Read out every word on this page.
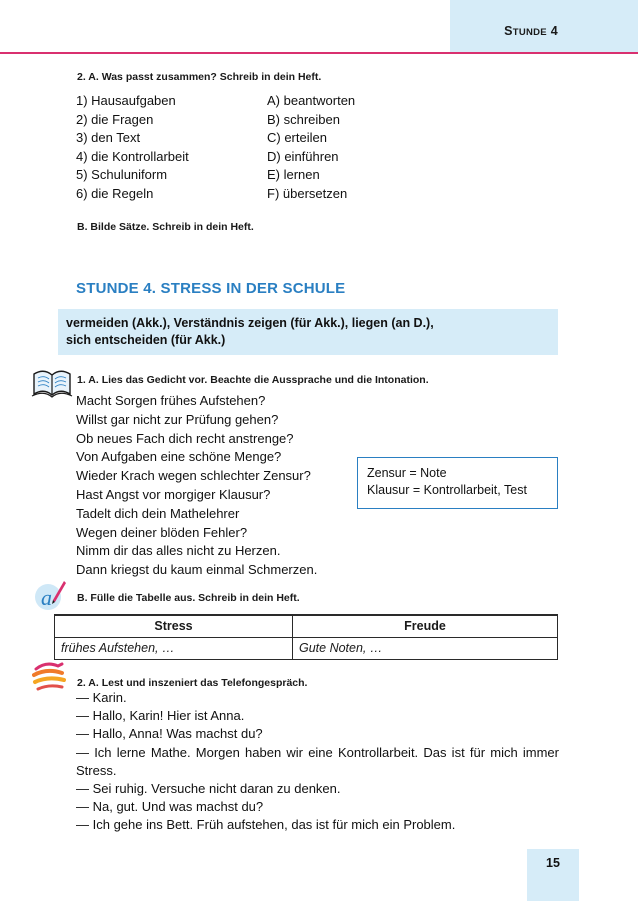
STUNDE 4
2. A. Was passt zusammen? Schreib in dein Heft.
1) Hausaufgaben
2) die Fragen
3) den Text
4) die Kontrollarbeit
5) Schuluniform
6) die Regeln
A) beantworten
B) schreiben
C) erteilen
D) einführen
E) lernen
F) übersetzen
B. Bilde Sätze. Schreib in dein Heft.
STUNDE 4. STRESS IN DER SCHULE
vermeiden (Akk.), Verständnis zeigen (für Akk.), liegen (an D.),
sich entscheiden (für Akk.)
1. A. Lies das Gedicht vor. Beachte die Aussprache und die Intonation.
Macht Sorgen frühes Aufstehen?
Willst gar nicht zur Prüfung gehen?
Ob neues Fach dich recht anstrenge?
Von Aufgaben eine schöne Menge?
Wieder Krach wegen schlechter Zensur?
Hast Angst vor morgiger Klausur?
Tadelt dich dein Mathelehrer
Wegen deiner blöden Fehler?
Nimm dir das alles nicht zu Herzen.
Dann kriegst du kaum einmal Schmerzen.
Zensur = Note
Klausur = Kontrollarbeit, Test
a B. Fülle die Tabelle aus. Schreib in dein Heft.
Stress	Freude
frühes Aufstehen, …	Gute Noten, …
2. A. Lest und inszeniert das Telefongespräch.
— Karin.
— Hallo, Karin! Hier ist Anna.
— Hallo, Anna! Was machst du?
— Ich lerne Mathe. Morgen haben wir eine Kontrollarbeit. Das ist für mich immer Stress.
— Sei ruhig. Versuche nicht daran zu denken.
— Na, gut. Und was machst du?
— Ich gehe ins Bett. Früh aufstehen, das ist für mich ein Problem.
15
